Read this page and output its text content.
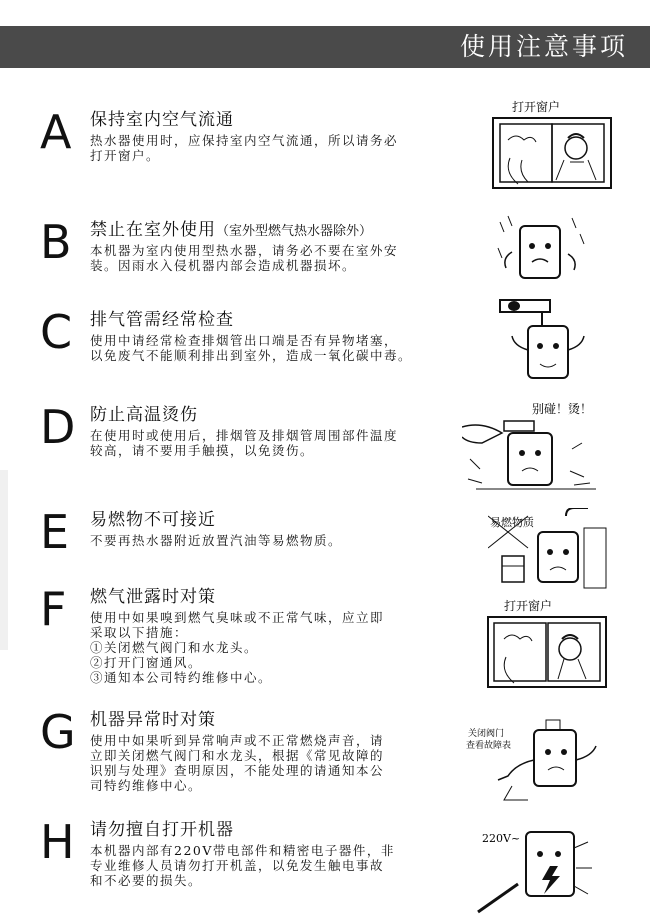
使用注意事项
A 保持室内空气流通
热水器使用时，应保持室内空气流通，所以请务必
打开窗户。
打开窗户
B 禁止在室外使用（室外型燃气热水器除外）
本机器为室内使用型热水器，请务必不要在室外安
装。因雨水入侵机器内部会造成机器损坏。
C 排气管需经常检查
使用中请经常检查排烟管出口端是否有异物堵塞，
以免废气不能顺利排出到室外，造成一氧化碳中毒。
D 防止高温烫伤
在使用时或使用后，排烟管及排烟管周围部件温度
较高，请不要用手触摸，以免烫伤。
别碰！烫！
E 易燃物不可接近
不要再热水器附近放置汽油等易燃物质。
易燃物质
F 燃气泄露时对策
使用中如果嗅到燃气臭味或不正常气味，应立即
采取以下措施：
①关闭燃气阀门和水龙头。
②打开门窗通风。
③通知本公司特约维修中心。
打开窗户
G 机器异常时对策
使用中如果听到异常响声或不正常燃烧声音，请
立即关闭燃气阀门和水龙头，根据《常见故障的
识别与处理》查明原因，不能处理的请通知本公
司特约维修中心。
关闭阀门
查看故障表
H 请勿擅自打开机器
本机器内部有220V带电部件和精密电子器件，非
专业维修人员请勿打开机盖，以免发生触电事故
和不必要的损失。
220V~
